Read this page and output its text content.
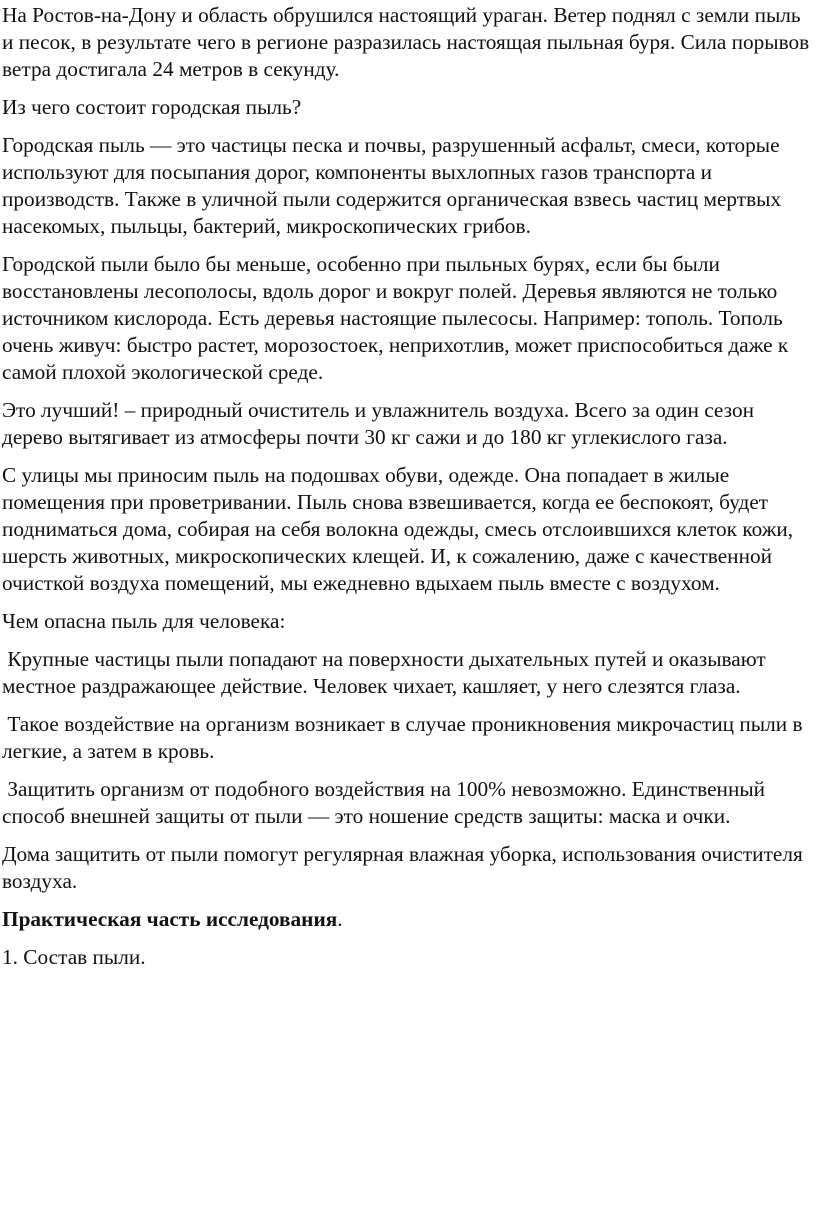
На Ростов-на-Дону и область обрушился настоящий ураган. Ветер поднял с земли пыль и песок, в результате чего в регионе разразилась настоящая пыльная буря. Сила порывов ветра достигала 24 метров в секунду.

Из чего состоит городская пыль?

Городская пыль — это частицы песка и почвы, разрушенный асфальт, смеси, которые используют для посыпания дорог, компоненты выхлопных газов транспорта и производств. Также в уличной пыли содержится органическая взвесь частиц мертвых насекомых, пыльцы, бактерий, микроскопических грибов.

Городской пыли было бы меньше, особенно при пыльных бурях, если бы были восстановлены лесополосы, вдоль дорог и вокруг полей. Деревья являются не только источником кислорода. Есть деревья настоящие пылесосы. Например: тополь. Тополь очень живуч: быстро растет, морозостоек, неприхотлив, может приспособиться даже к самой плохой экологической среде.

Это лучший! – природный очиститель и увлажнитель воздуха. Всего за один сезон дерево вытягивает из атмосферы почти 30 кг сажи и до 180 кг углекислого газа.

С улицы мы приносим пыль на подошвах обуви, одежде. Она попадает в жилые помещения при проветривании. Пыль снова взвешивается, когда ее беспокоят, будет подниматься дома, собирая на себя волокна одежды, смесь отслоившихся клеток кожи, шерсть животных, микроскопических клещей. И, к сожалению, даже с качественной очисткой воздуха помещений, мы ежедневно вдыхаем пыль вместе с воздухом.

Чем опасна пыль для человека:

Крупные частицы пыли попадают на поверхности дыхательных путей и оказывают местное раздражающее действие. Человек чихает, кашляет, у него слезятся глаза.

Такое воздействие на организм возникает в случае проникновения микрочастиц пыли в легкие, а затем в кровь.

Защитить организм от подобного воздействия на 100% невозможно. Единственный способ внешней защиты от пыли — это ношение средств защиты: маска и очки.

Дома защитить от пыли помогут регулярная влажная уборка, использования очистителя воздуха.

Практическая часть исследования.

1. Состав пыли.
